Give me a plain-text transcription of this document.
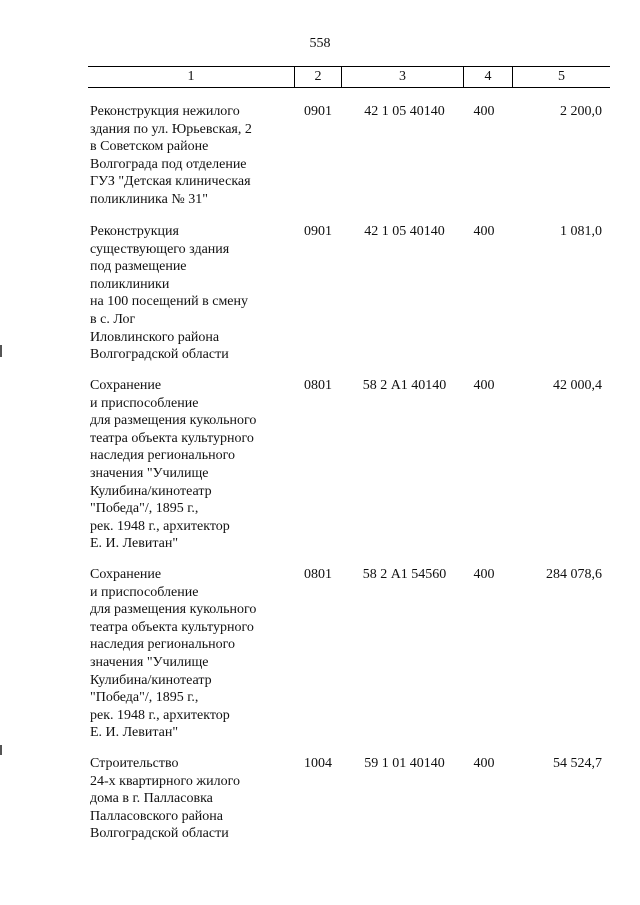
558
1	2	3	4	5
Реконструкция нежилого
здания по ул. Юрьевская, 2
в Советском районе
Волгограда под отделение
ГУЗ "Детская клиническая
поликлиника № 31"
0901	42 1 05 40140	400	2 200,0
Реконструкция
существующего здания
под размещение
поликлиники
на 100 посещений в смену
в с. Лог
Иловлинского района
Волгоградской области
0901	42 1 05 40140	400	1 081,0
Сохранение
и приспособление
для размещения кукольного
театра объекта культурного
наследия регионального
значения "Училище
Кулибина/кинотеатр
"Победа"/, 1895 г.,
рек. 1948 г., архитектор
Е. И. Левитан"
0801	58 2 А1 40140	400	42 000,4
Сохранение
и приспособление
для размещения кукольного
театра объекта культурного
наследия регионального
значения "Училище
Кулибина/кинотеатр
"Победа"/, 1895 г.,
рек. 1948 г., архитектор
Е. И. Левитан"
0801	58 2 А1 54560	400	284 078,6
Строительство
24-х квартирного жилого
дома в г. Палласовка
Палласовского района
Волгоградской области
1004	59 1 01 40140	400	54 524,7
